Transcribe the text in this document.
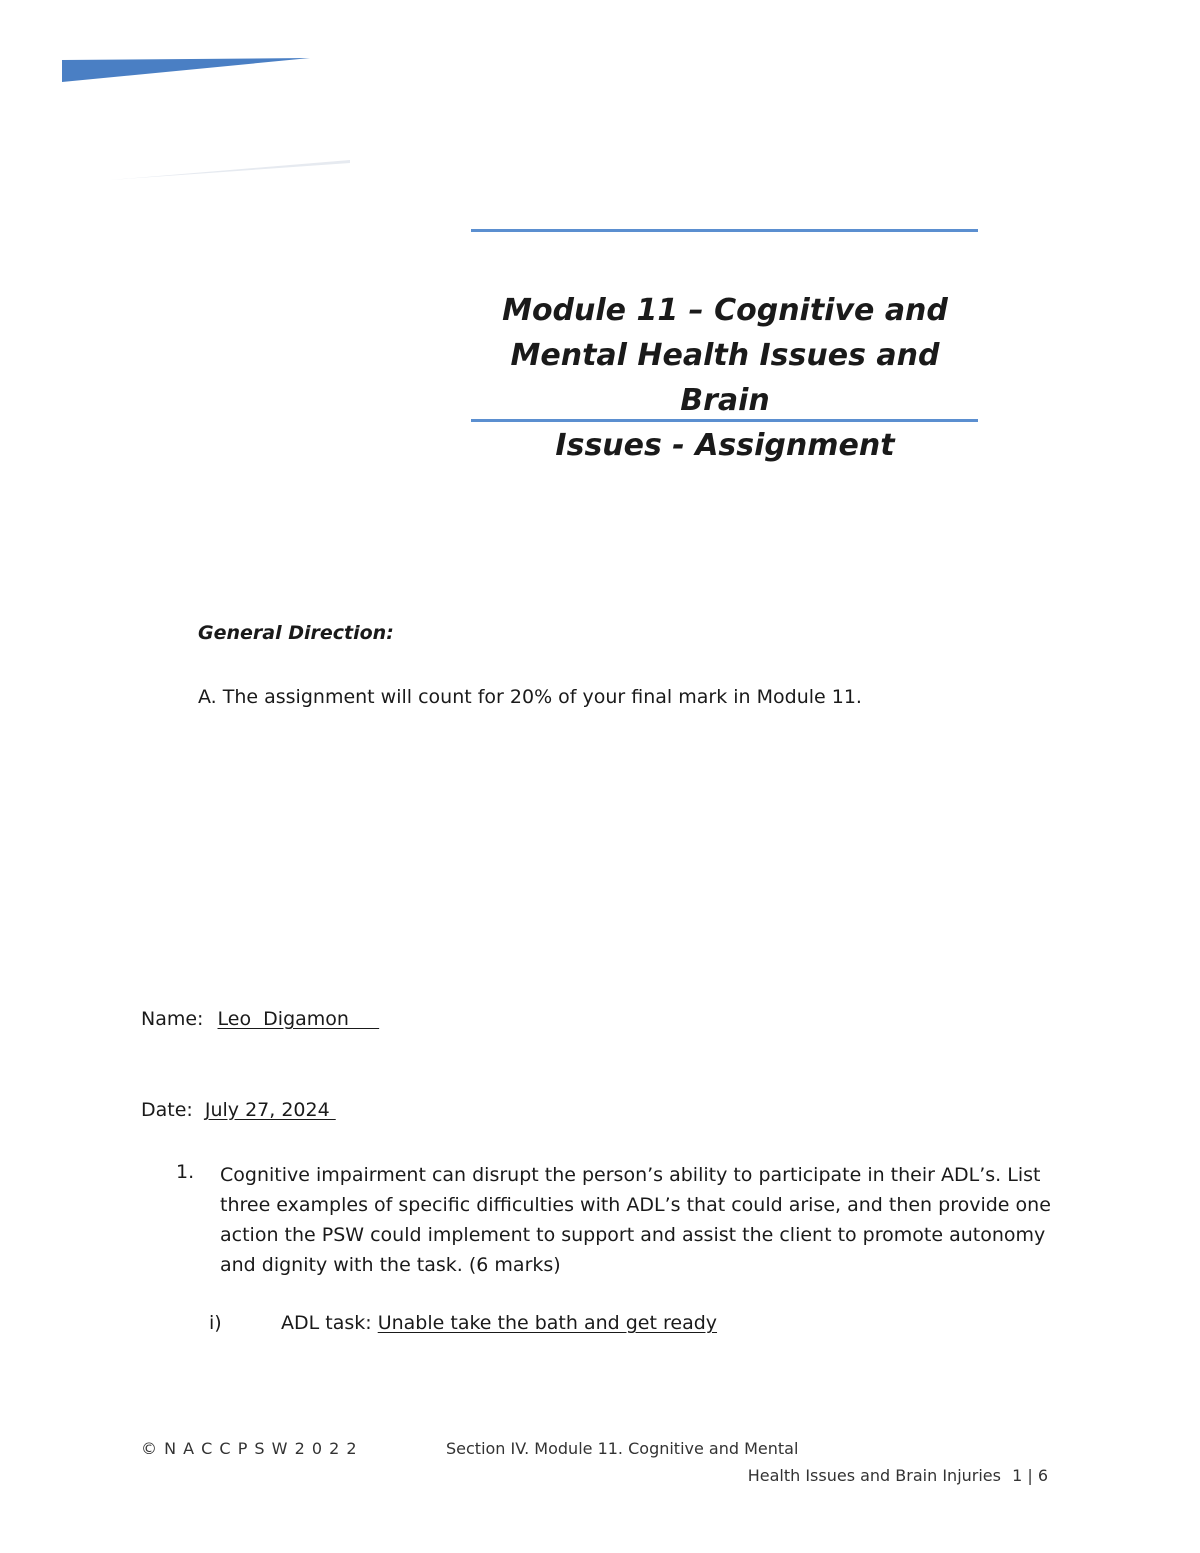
Module 11 – Cognitive and
Mental Health Issues and Brain
Issues - Assignment
General Direction:
A. The assignment will count for 20% of your final mark in Module 11.
Name: Leo  Digamon
Date: July 27, 2024
1. Cognitive impairment can disrupt the person’s ability to participate in their ADL’s. List three examples of specific difficulties with ADL’s that could arise, and then provide one action the PSW could implement to support and assist the client to promote autonomy and dignity with the task. (6 marks)

i)	ADL task: Unable take the bath and get ready
© N A C C P S W 2 0 2 2	Section IV. Module 11. Cognitive and Mental
Health Issues and Brain Injuries 1 | 6
